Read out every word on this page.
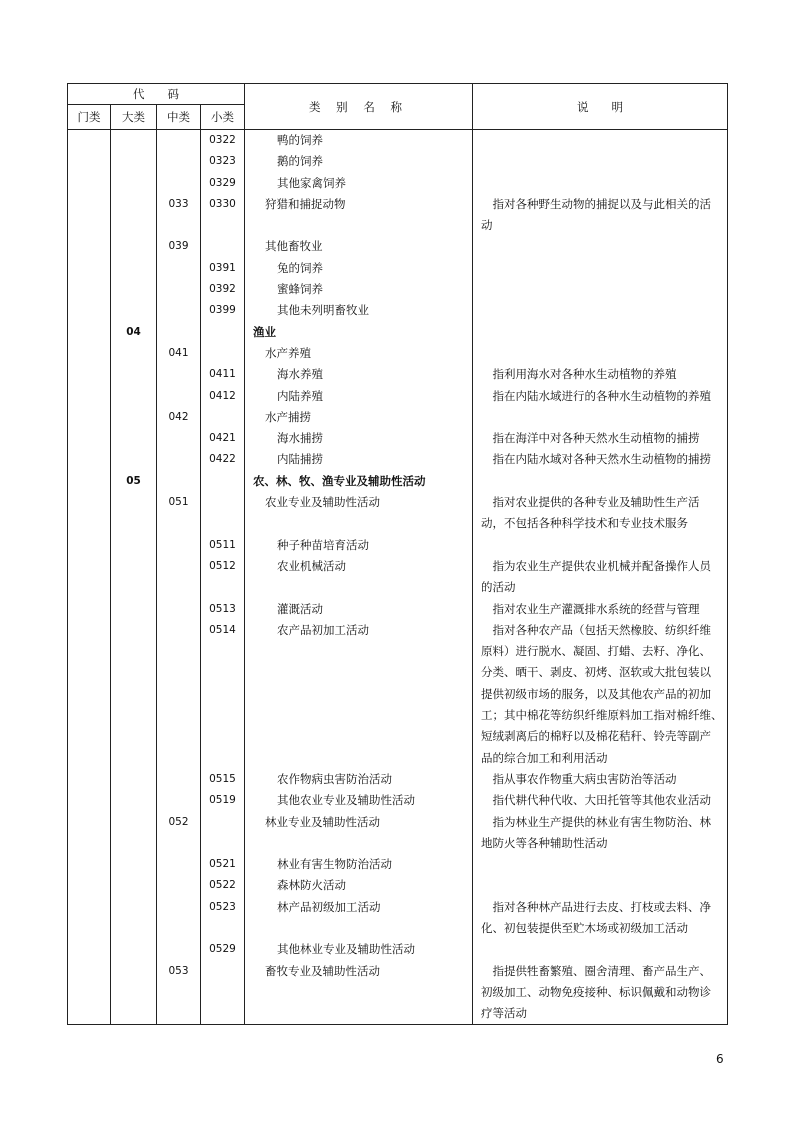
代　　码				类 别 名 称	说　　明
门类	大类	中类	小类		
			0322	鸭的饲养	
			0323	鹅的饲养	
			0329	其他家禽饲养	
		033	0330	狩猎和捕捉动物	　指对各种野生动物的捕捉以及与此相关的活
					动
		039		其他畜牧业	
			0391	兔的饲养	
			0392	蜜蜂饲养	
			0399	其他未列明畜牧业	
	04			渔业	
		041		水产养殖	
			0411	海水养殖	　指利用海水对各种水生动植物的养殖
			0412	内陆养殖	　指在内陆水域进行的各种水生动植物的养殖
		042		水产捕捞	
			0421	海水捕捞	　指在海洋中对各种天然水生动植物的捕捞
			0422	内陆捕捞	　指在内陆水域对各种天然水生动植物的捕捞
	05			农、林、牧、渔专业及辅助性活动	
		051		农业专业及辅助性活动	　指对农业提供的各种专业及辅助性生产活
					动，不包括各种科学技术和专业技术服务
			0511	种子种苗培育活动	
			0512	农业机械活动	　指为农业生产提供农业机械并配备操作人员
					的活动
			0513	灌溉活动	　指对农业生产灌溉排水系统的经营与管理
			0514	农产品初加工活动	　指对各种农产品（包括天然橡胶、纺织纤维
					原料）进行脱水、凝固、打蜡、去籽、净化、
					分类、晒干、剥皮、初烤、沤软或大批包装以
					提供初级市场的服务，以及其他农产品的初加
					工；其中棉花等纺织纤维原料加工指对棉纤维、
					短绒剥离后的棉籽以及棉花秸秆、铃壳等副产
					品的综合加工和利用活动
			0515	农作物病虫害防治活动	　指从事农作物重大病虫害防治等活动
			0519	其他农业专业及辅助性活动	　指代耕代种代收、大田托管等其他农业活动
		052		林业专业及辅助性活动	　指为林业生产提供的林业有害生物防治、林
					地防火等各种辅助性活动
			0521	林业有害生物防治活动	
			0522	森林防火活动	
			0523	林产品初级加工活动	　指对各种林产品进行去皮、打枝或去料、净
					化、初包装提供至贮木场或初级加工活动
			0529	其他林业专业及辅助性活动	
		053		畜牧专业及辅助性活动	　指提供牲畜繁殖、圈舍清理、畜产品生产、
					初级加工、动物免疫接种、标识佩戴和动物诊
					疗等活动
6
